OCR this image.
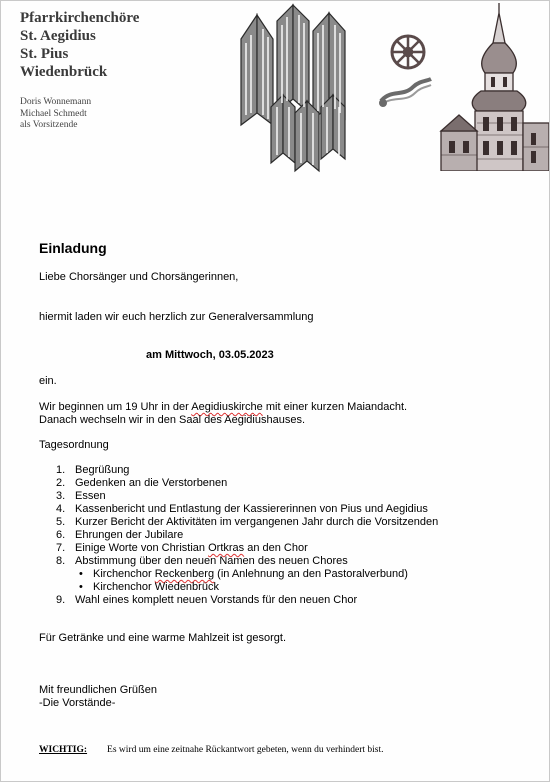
Pfarrkirchenchöre
St. Aegidius
St. Pius
Wiedenbrück
Doris Wonnemann
Michael Schmedt
als Vorsitzende
Einladung
Liebe Chorsänger und Chorsängerinnen,
hiermit laden wir euch herzlich zur Generalversammlung
am Mittwoch, 03.05.2023
ein.
Wir beginnen um 19 Uhr in der Aegidiuskirche mit einer kurzen Maiandacht.
Danach wechseln wir in den Saal des Aegidiushauses.
Tagesordnung
1. Begrüßung
2. Gedenken an die Verstorbenen
3. Essen
4. Kassenbericht und Entlastung der Kassiererinnen von Pius und Aegidius
5. Kurzer Bericht der Aktivitäten im vergangenen Jahr durch die Vorsitzenden
6. Ehrungen der Jubilare
7. Einige Worte von Christian Ortkras an den Chor
8. Abstimmung über den neuen Namen des neuen Chores
• Kirchenchor Reckenberg (in Anlehnung an den Pastoralverbund)
• Kirchenchor Wiedenbrück
9. Wahl eines komplett neuen Vorstands für den neuen Chor
Für Getränke und eine warme Mahlzeit ist gesorgt.
Mit freundlichen Grüßen
-Die Vorstände-
WICHTIG: Es wird um eine zeitnahe Rückantwort gebeten, wenn du verhindert bist.
